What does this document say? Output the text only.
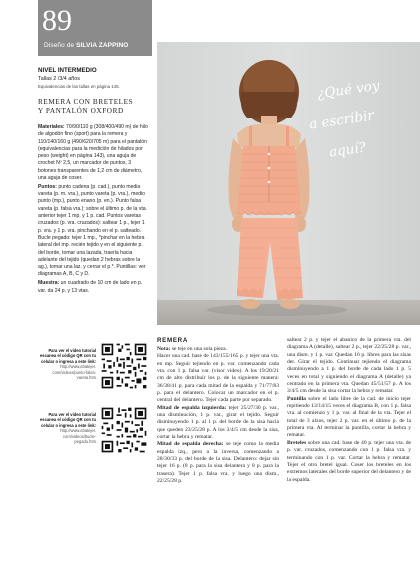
89
Diseño de SILVIA ZAPPINO
NIVEL INTERMEDIO
Tallas 2 /3/4 años
Equivalencias de las tallas en página 145.
REMERA CON BRETELES
Y PANTALÓN OXFORD

Materiales: 70/90/110 g (308/400/490 m) de hilo de algodón fino (sport) para la remera y 110/140/160 g (490/620/705 m) para el pantalón (equivalencias para la medición de hilados por peso (weight) en página 143), una aguja de crochet Nº 2,5, un marcador de puntos, 3 botones transparentes de 1,2 cm de diámetro, una aguja de coser.

Puntos: punto cadena (p. cad.), punto media vareta (p. m. vra.), punto vareta (p. vra.), medio punto (mp.), punto enano (p. en.). Punto falsa vareta (p. falsa vra.): sobre el último p. de la vta. anterior tejer 1 mp. y 1 p. cad. Puntos varetas cruzados (p. vra. cruzados): saltear 1 p., tejer 1 p. vra. y 1 p. vra. pinchando en el p. salteado. Bucle pegado: tejer 1 mp., *pinchar en la hebra lateral del mp. recién tejido y en el siguiente p. del borde, tomar una lazada, traerla hacia adelante del tejido (quedan 2 hebras sobre la ag.), tomar una laz. y cerrar el p.*. Puntillas: ver diagramas A, B, C y D.

Muestra: un cuadrado de 10 cm de lado en p. var. da 24 p. y 13 vtas.

Para ver el video tutorial
escanea el código QR con tu
celular o ingresa a este link:
http://www.ahatejer.
com/videos/punto-falsa-
vareta.htm
Para ver el video tutorial
escanea el código QR con tu
celular o ingresa a este link:
http://www.ahatejer.
com/videos/bucle-
pegado.htm
¿Qué voy
a escribir
aquí?
REMERA

Nota: se teje en una sola pieza.

Hacer una cad. base de 143/155/165 p. y tejer una vta. en mp. Seguir tejiendo en p. var. comenzando cada vta. con 1 p. falsa var. (visor video). A los 19/20/21 cm de alto distribuir los p. de la siguiente manera: 36/38/41 p. para cada mitad de la espalda y 71/77/83 p. para el delantero. Colocar un marcador en el p. central del delantero. Tejer cada parte por separado.

Mitad de espalda izquierda: tejer 25/27/30 p. var., una disminución, 1 p. var., girar el tejido. Seguir disminuyendo 1 p. al 1 p. del borde de la sisa hacia que queden 23/25/28 p. A los 3/4/5 cm desde la sisa, cortar la hebra y rematar.

Mitad de espalda derecha: se teje como la media espalda izq., pero a la inversa, comenzando a 28/30/33 p. del borde de la sisa. Delantero: dejar sin tejer 16 p. (8 p. para la sisa delantera y 8 p. para la trasera). Tejer 1 p. falsa vra. y luego una dism., 22/25/28 p.

saltear 2 p. y tejer el abanico de la primera vta. del diagrama A (detalle), saltear 2 p., tejer 22/25/28 p. var., una dism. y 1 p. var. Quedan 16 p. libres para las sisas der. Girar el tejido. Continuar tejiendo el diagrama disminuyendo a 1 p. del borde de cada lado 1 p. 5 veces en total y siguiendo el diagrama A (detalle) ya centrado en la primera vta. Quedan 45/51/57 p. A los 3/4/5 cm desde la sisa cortar la hebra y rematar.

Puntilla sobre el lado libre de la cad. de inicio tejer repitiendo 13/14/15 veces el diagrama B, con 1 p. falsa vra. al comienzo y 1 p. var. al final de la vta. Tejer el total de 3 alzos, tejer 2 p. var. en el último p. de la primera vta. Al terminar la puntilla, cortar la hebra y rematar.

Breteles sobre una cad. base de 40 p. tejer una vta. de p. var. cruzados, comenzando con 1 p. falsa vra. y terminando con 1 p. var. Cortar la hebra y rematar. Tejer el otro bretel igual. Coser los breteles en los extremos laterales del borde superior del delantero y de la espalda.
